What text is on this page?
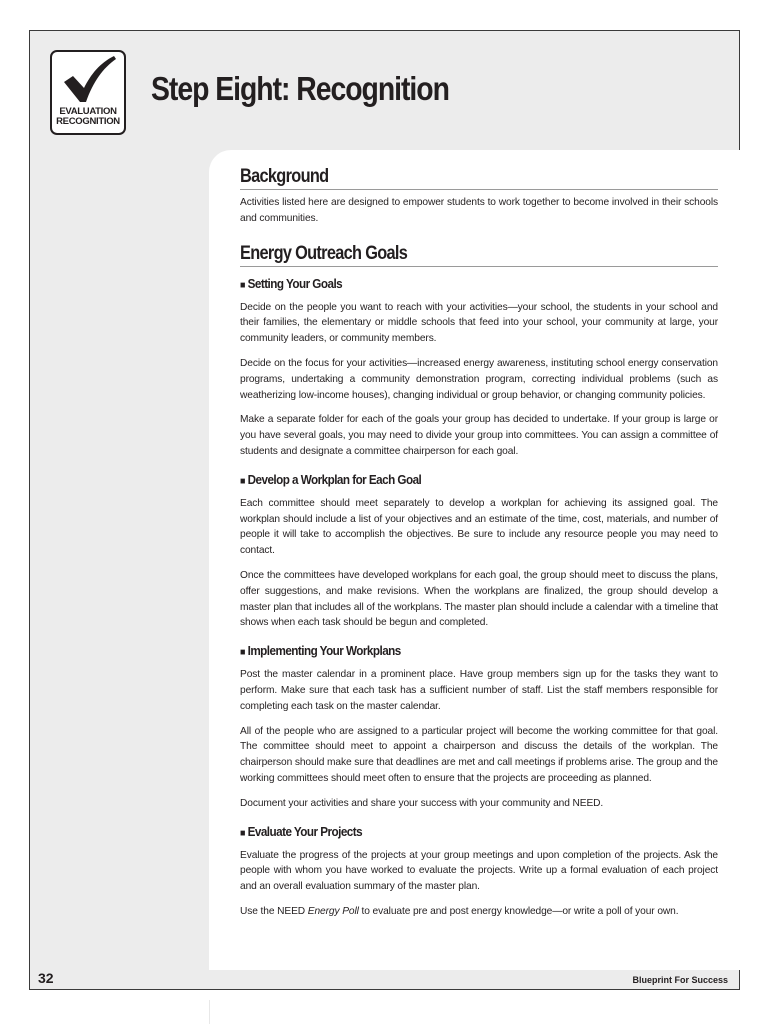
EVALUATION
RECOGNITION
Step Eight: Recognition
Background

Activities listed here are designed to empower students to work together to become involved in their schools and communities.

Energy Outreach Goals
■ Setting Your Goals

Decide on the people you want to reach with your activities—your school, the students in your school and their families, the elementary or middle schools that feed into your school, your community at large, your community leaders, or community members.

Decide on the focus for your activities—increased energy awareness, instituting school energy conservation programs, undertaking a community demonstration program, correcting individual problems (such as weatherizing low-income houses), changing individual or group behavior, or changing community policies.

Make a separate folder for each of the goals your group has decided to undertake. If your group is large or you have several goals, you may need to divide your group into committees. You can assign a committee of students and designate a committee chairperson for each goal.

■ Develop a Workplan for Each Goal

Each committee should meet separately to develop a workplan for achieving its assigned goal. The workplan should include a list of your objectives and an estimate of the time, cost, materials, and number of people it will take to accomplish the objectives. Be sure to include any resource people you may need to contact.

Once the committees have developed workplans for each goal, the group should meet to discuss the plans, offer suggestions, and make revisions. When the workplans are finalized, the group should develop a master plan that includes all of the workplans. The master plan should include a calendar with a timeline that shows when each task should be begun and completed.

■ Implementing Your Workplans

Post the master calendar in a prominent place. Have group members sign up for the tasks they want to perform. Make sure that each task has a sufficient number of staff. List the staff members responsible for completing each task on the master calendar.

All of the people who are assigned to a particular project will become the working committee for that goal. The committee should meet to appoint a chairperson and discuss the details of the workplan. The chairperson should make sure that deadlines are met and call meetings if problems arise. The group and the working committees should meet often to ensure that the projects are proceeding as planned.

Document your activities and share your success with your community and NEED.

■ Evaluate Your Projects

Evaluate the progress of the projects at your group meetings and upon completion of the projects. Ask the people with whom you have worked to evaluate the projects. Write up a formal evaluation of each project and an overall evaluation summary of the master plan.

Use the NEED Energy Poll to evaluate pre and post energy knowledge—or write a poll of your own.

32	Blueprint For Success
